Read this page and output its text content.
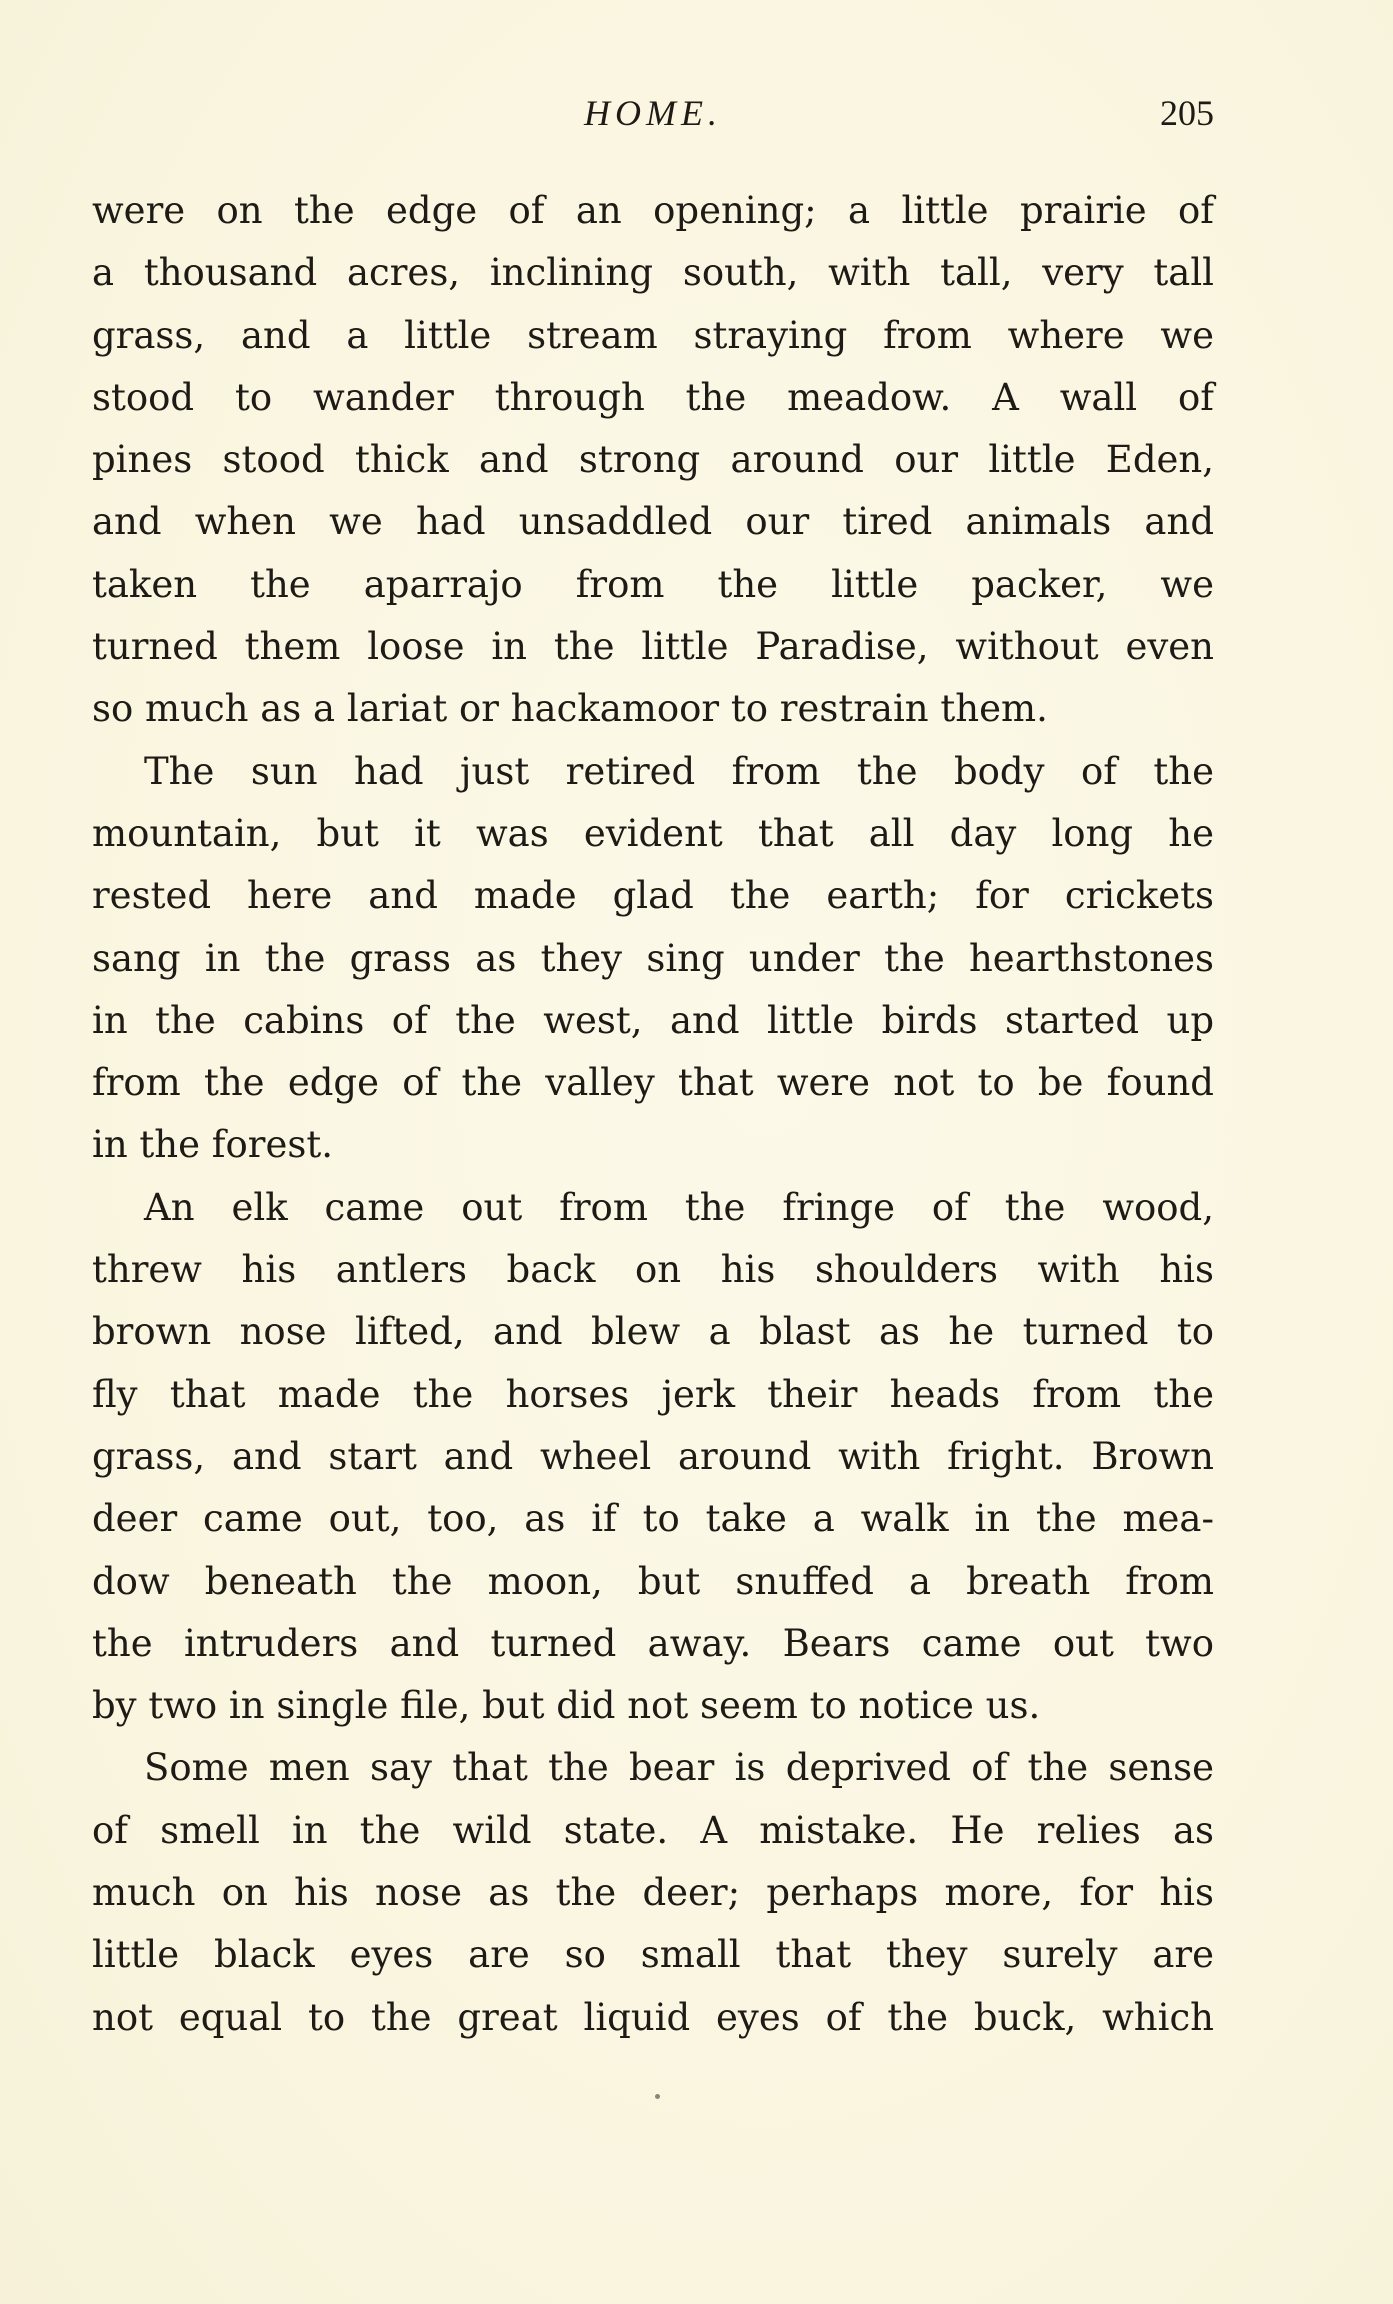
HOME.	205
were on the edge of an opening; a little prairie of
a thousand acres, inclining south, with tall, very tall
grass, and a little stream straying from where we
stood to wander through the meadow. A wall of
pines stood thick and strong around our little Eden,
and when we had unsaddled our tired animals and
taken the aparrajo from the little packer, we
turned them loose in the little Paradise, without even
so much as a lariat or hackamoor to restrain them.
The sun had just retired from the body of the
mountain, but it was evident that all day long he
rested here and made glad the earth; for crickets
sang in the grass as they sing under the hearthstones
in the cabins of the west, and little birds started up
from the edge of the valley that were not to be found
in the forest.
An elk came out from the fringe of the wood,
threw his antlers back on his shoulders with his
brown nose lifted, and blew a blast as he turned to
fly that made the horses jerk their heads from the
grass, and start and wheel around with fright. Brown
deer came out, too, as if to take a walk in the mea-
dow beneath the moon, but snuffed a breath from
the intruders and turned away. Bears came out two
by two in single file, but did not seem to notice us.
Some men say that the bear is deprived of the sense
of smell in the wild state. A mistake. He relies as
much on his nose as the deer; perhaps more, for his
little black eyes are so small that they surely are
not equal to the great liquid eyes of the buck, which
